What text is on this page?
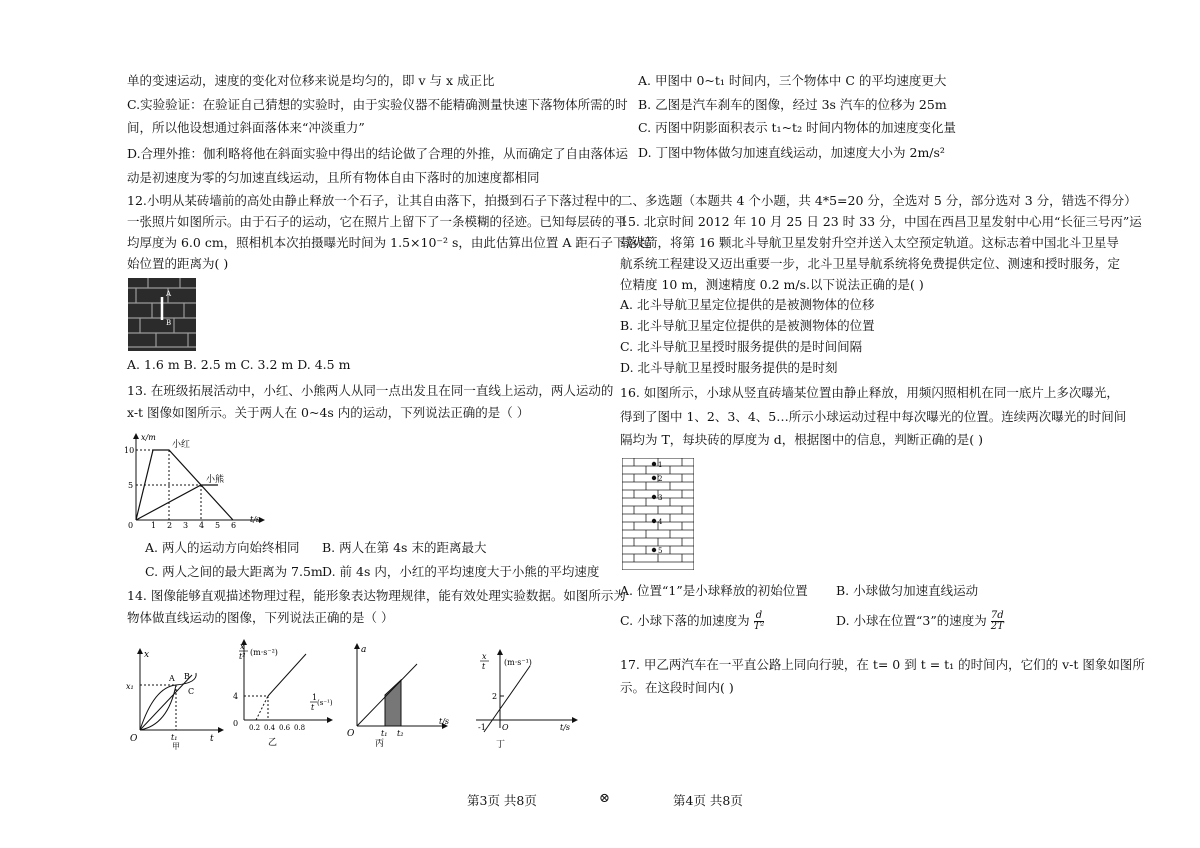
单的变速运动，速度的变化对位移来说是均匀的，即 v 与 x 成正比
C.实验验证：在验证自己猜想的实验时，由于实验仪器不能精确测量快速下落物体所需的时
间，所以他设想通过斜面落体来“冲淡重力”
D.合理外推：伽利略将他在斜面实验中得出的结论做了合理的外推，从而确定了自由落体运
动是初速度为零的匀加速直线运动，且所有物体自由下落时的加速度都相同
12.小明从某砖墙前的高处由静止释放一个石子，让其自由落下，拍摄到石子下落过程中的
一张照片如图所示。由于石子的运动，它在照片上留下了一条模糊的径迹。已知每层砖的平
均厚度为 6.0 cm，照相机本次拍摄曝光时间为 1.5×10⁻² s，由此估算出位置 A 距石子下落起
始位置的距离为( )
A
B
A. 1.6 m B. 2.5 m C. 3.2 m D. 4.5 m
13. 在班级拓展活动中，小红、小熊两人从同一点出发且在同一直线上运动，两人运动的
x-t 图像如图所示。关于两人在 0~4s 内的运动，下列说法正确的是（ ）
x/m
t/s
小红
小熊
10
5
0 1 2 3 4 5 6
A. 两人的运动方向始终相同 B. 两人在第 4s 末的距离最大
C. 两人之间的最大距离为 7.5m D. 前 4s 内，小红的平均速度大于小熊的平均速度
14. 图像能够直观描述物理过程，能形象表达物理规律，能有效处理实验数据。如图所示为
物体做直线运动的图像，下列说法正确的是（ ）
x
t
O
x₁
t₁
A B
C
甲
x
t² (m·s⁻²)
4
0 0.2 0.4 0.6 0.8
1
t (s⁻¹)
乙
a
t/s
O	t₁ t₂
丙
x
t (m·s⁻¹)
2
-1 O	t/s
丁
第3页 共8页	⊗
A. 甲图中 0~t₁ 时间内，三个物体中 C 的平均速度更大
B. 乙图是汽车刹车的图像，经过 3s 汽车的位移为 25m
C. 丙图中阴影面积表示 t₁~t₂ 时间内物体的加速度变化量
D. 丁图中物体做匀加速直线运动，加速度大小为 2m/s²
二、多选题（本题共 4 个小题，共 4*5=20 分，全选对 5 分，部分选对 3 分，错选不得分）
15. 北京时间 2012 年 10 月 25 日 23 时 33 分，中国在西昌卫星发射中心用“长征三号丙”运
载火箭，将第 16 颗北斗导航卫星发射升空并送入太空预定轨道。这标志着中国北斗卫星导
航系统工程建设又迈出重要一步，北斗卫星导航系统将免费提供定位、测速和授时服务，定
位精度 10 m，测速精度 0.2 m/s.以下说法正确的是( )
A. 北斗导航卫星定位提供的是被测物体的位移
B. 北斗导航卫星定位提供的是被测物体的位置
C. 北斗导航卫星授时服务提供的是时间间隔
D. 北斗导航卫星授时服务提供的是时刻
16. 如图所示，小球从竖直砖墙某位置由静止释放，用频闪照相机在同一底片上多次曝光，
得到了图中 1、2、3、4、5…所示小球运动过程中每次曝光的位置。连续两次曝光的时间间
隔均为 T，每块砖的厚度为 d，根据图中的信息，判断正确的是( )
1
2
3
4
5
A. 位置“1”是小球释放的初始位置 B. 小球做匀加速直线运动
C. 小球下落的加速度为 $\frac{d}{\text{T²}}$	D. 小球在位置“3”的速度为 $\frac{7d}{2T}$
17. 甲乙两汽车在一平直公路上同向行驶，在 t= 0 到 t = t₁ 的时间内，它们的 v-t 图象如图所
示。在这段时间内( )
第4页 共8页
